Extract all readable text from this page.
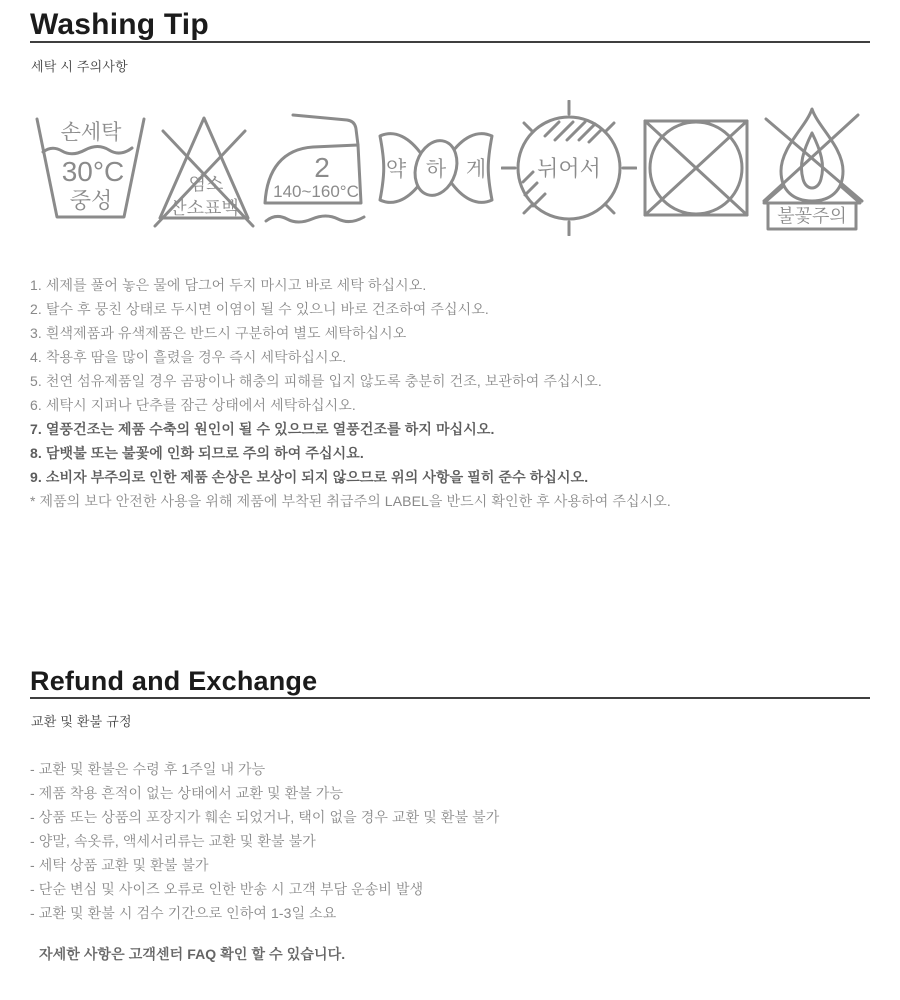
Washing Tip
세탁 시 주의사항
손세탁
30°C
중성
염소
산소표백
2
140~160°C
약 하 게 뉘어서
불꽃주의
1. 세제를 풀어 놓은 물에 담그어 두지 마시고 바로 세탁 하십시오.
2. 탈수 후 뭉친 상태로 두시면 이염이 될 수 있으니 바로 건조하여 주십시오.
3. 흰색제품과 유색제품은 반드시 구분하여 별도 세탁하십시오
4. 착용후 땀을 많이 흘렸을 경우 즉시 세탁하십시오.
5. 천연 섬유제품일 경우 곰팡이나 해충의 피해를 입지 않도록 충분히 건조, 보관하여 주십시오.
6. 세탁시 지퍼나 단추를 잠근 상태에서 세탁하십시오.
7. 열풍건조는 제품 수축의 원인이 될 수 있으므로 열풍건조를 하지 마십시오.
8. 담뱃불 또는 불꽃에 인화 되므로 주의 하여 주십시요.
9. 소비자 부주의로 인한 제품 손상은 보상이 되지 않으므로 위의 사항을 필히 준수 하십시오.
* 제품의 보다 안전한 사용을 위해 제품에 부착된 취급주의 LABEL을 반드시 확인한 후 사용하여 주십시오.
Refund and Exchange
교환 및 환불 규정
- 교환 및 환불은 수령 후 1주일 내 가능
- 제품 착용 흔적이 없는 상태에서 교환 및 환불 가능
- 상품 또는 상품의 포장지가 훼손 되었거나, 택이 없을 경우 교환 및 환불 불가
- 양말, 속옷류, 액세서리류는 교환 및 환불 불가
- 세탁 상품 교환 및 환불 불가
- 단순 변심 및 사이즈 오류로 인한 반송 시 고객 부담 운송비 발생
- 교환 및 환불 시 검수 기간으로 인하여 1-3일 소요
자세한 사항은 고객센터 FAQ 확인 할 수 있습니다.
